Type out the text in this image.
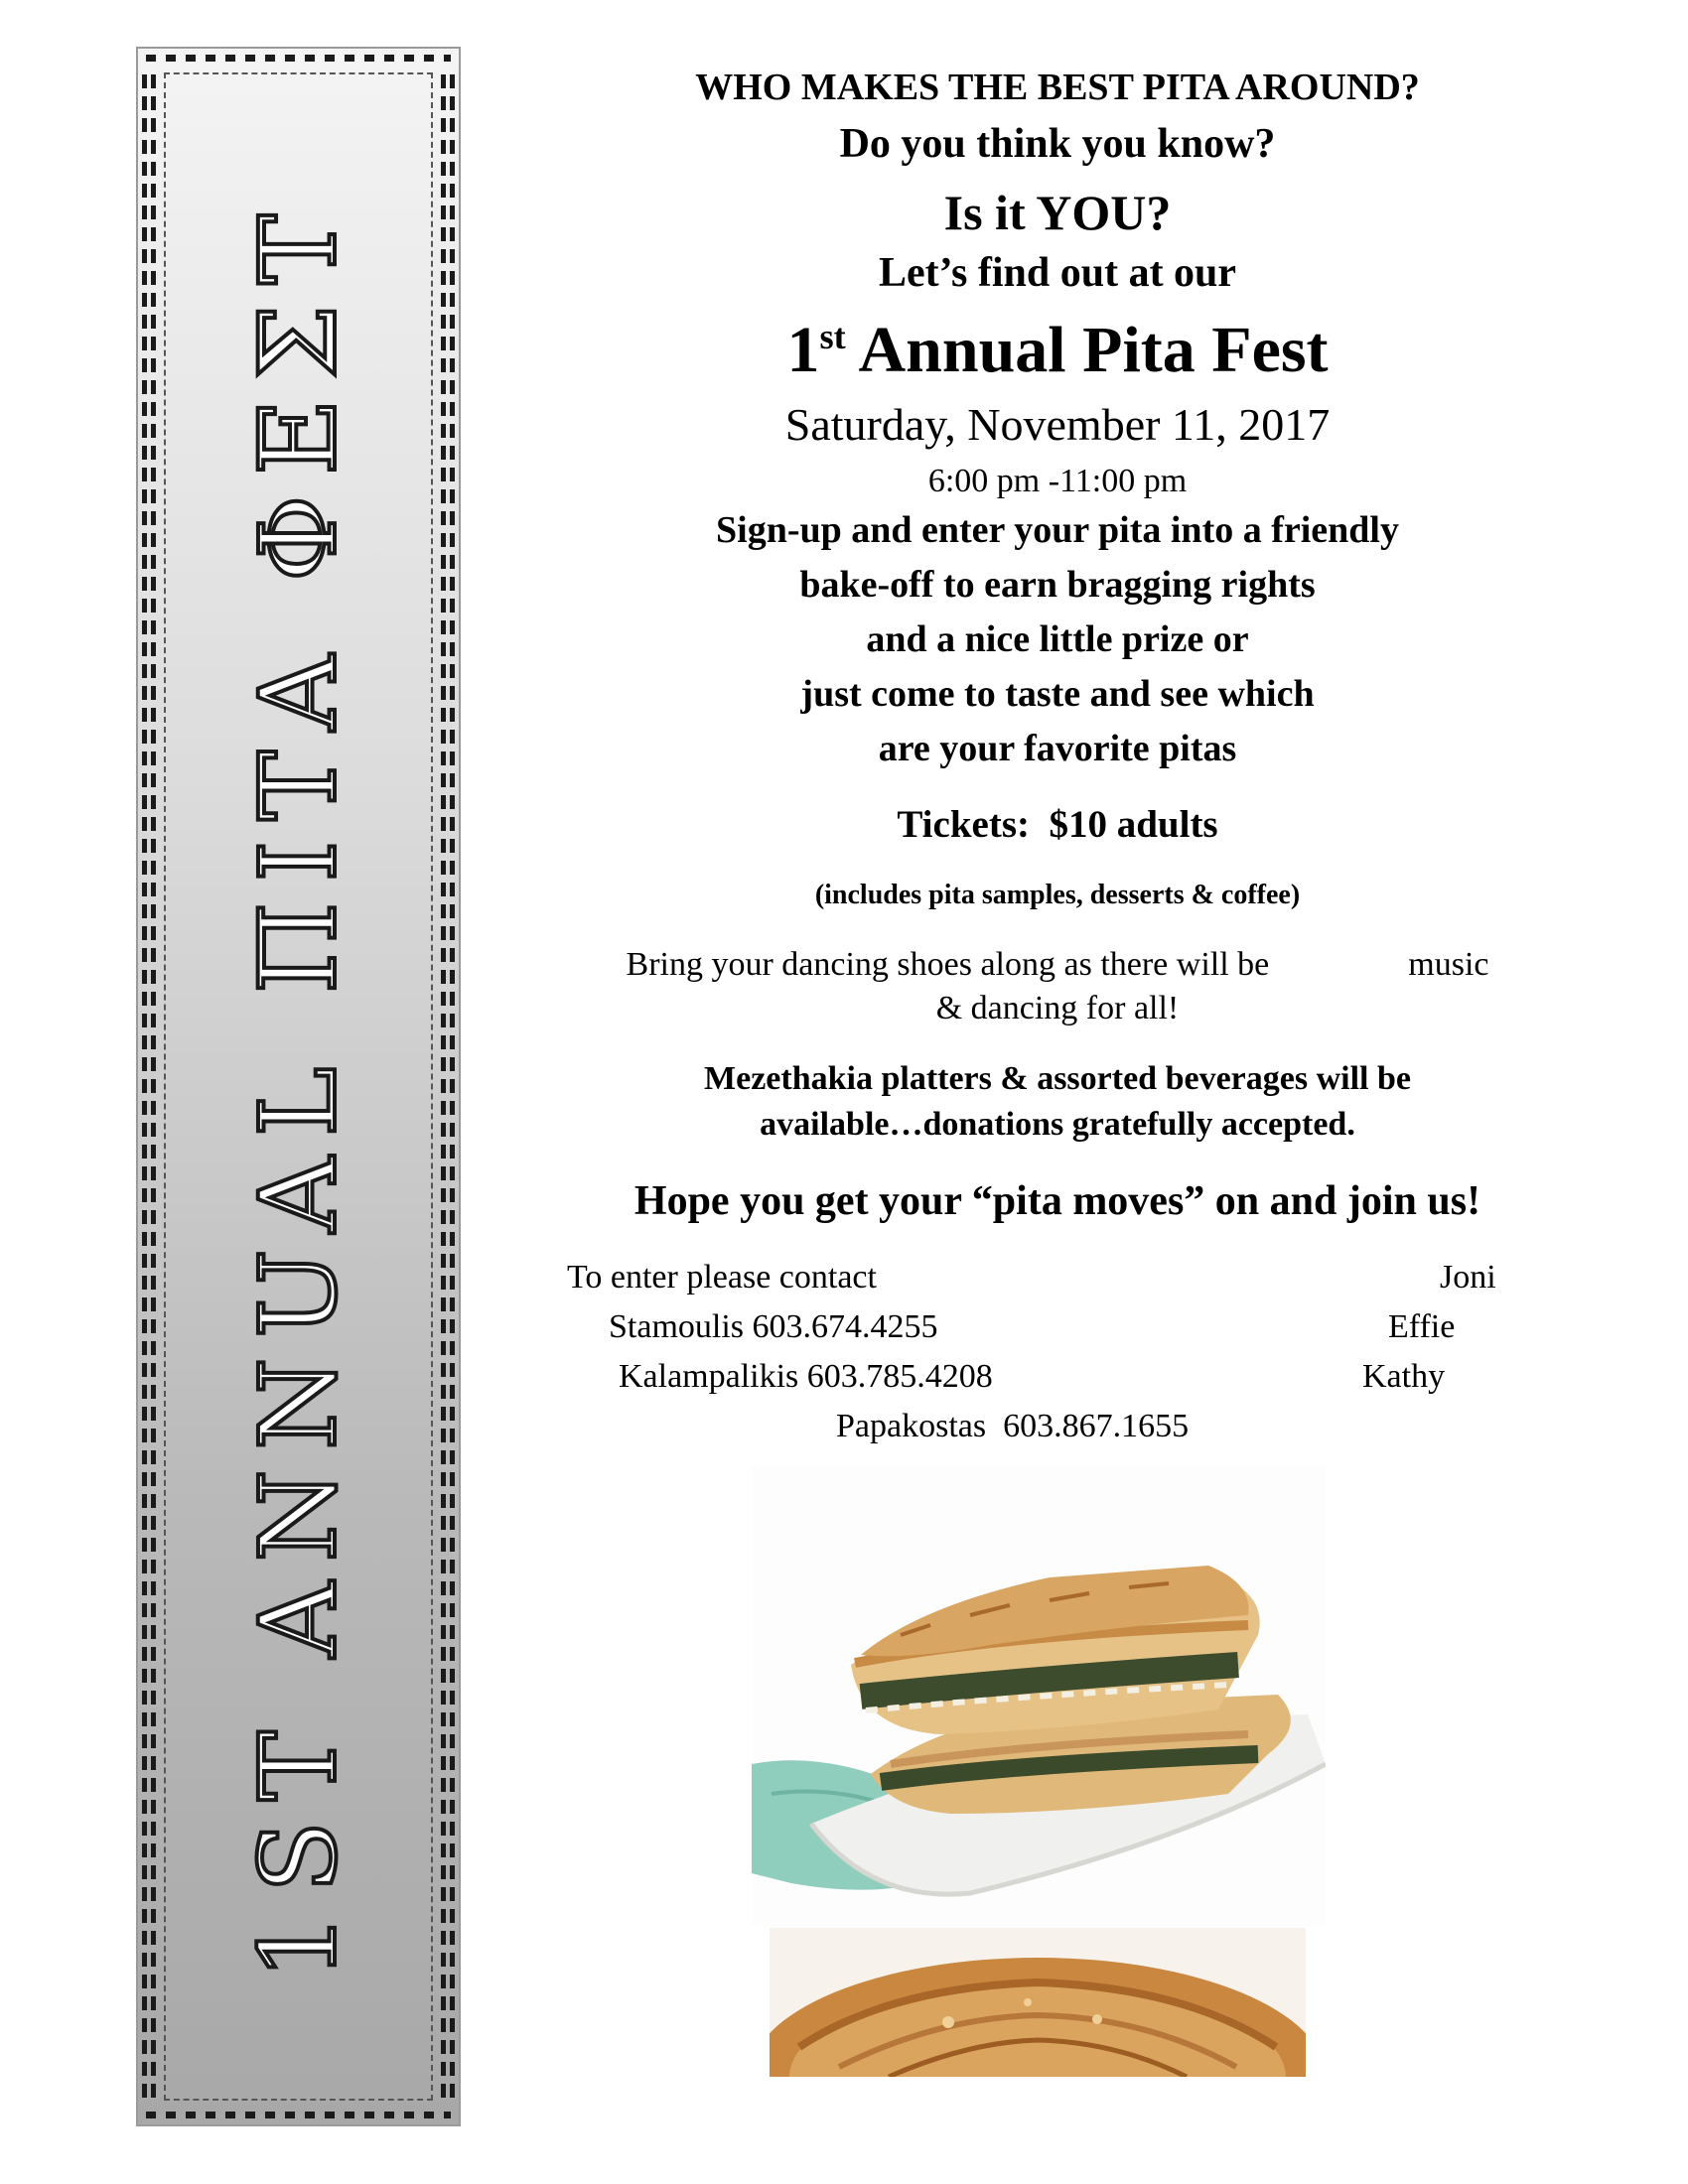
1ST ANNUAL ΠΙΤΑ ΦΕΣΤ
WHO MAKES THE BEST PITA AROUND?
Do you think you know?
Is it YOU?
Let’s find out at our
1st Annual Pita Fest
Saturday, November 11, 2017
6:00 pm -11:00 pm
Sign-up and enter your pita into a friendly
bake-off to earn bragging rights
and a nice little prize or
just come to taste and see which
are your favorite pitas
Tickets:  $10 adults
(includes pita samples, desserts & coffee)
Bring your dancing shoes along as there will be	music
& dancing for all!
Mezethakia platters & assorted beverages will be
available…donations gratefully accepted.
Hope you get your “pita moves” on and join us!
To enter please contact	Joni
Stamoulis 603.674.4255	Effie
Kalampalikis 603.785.4208	Kathy
Papakostas  603.867.1655
